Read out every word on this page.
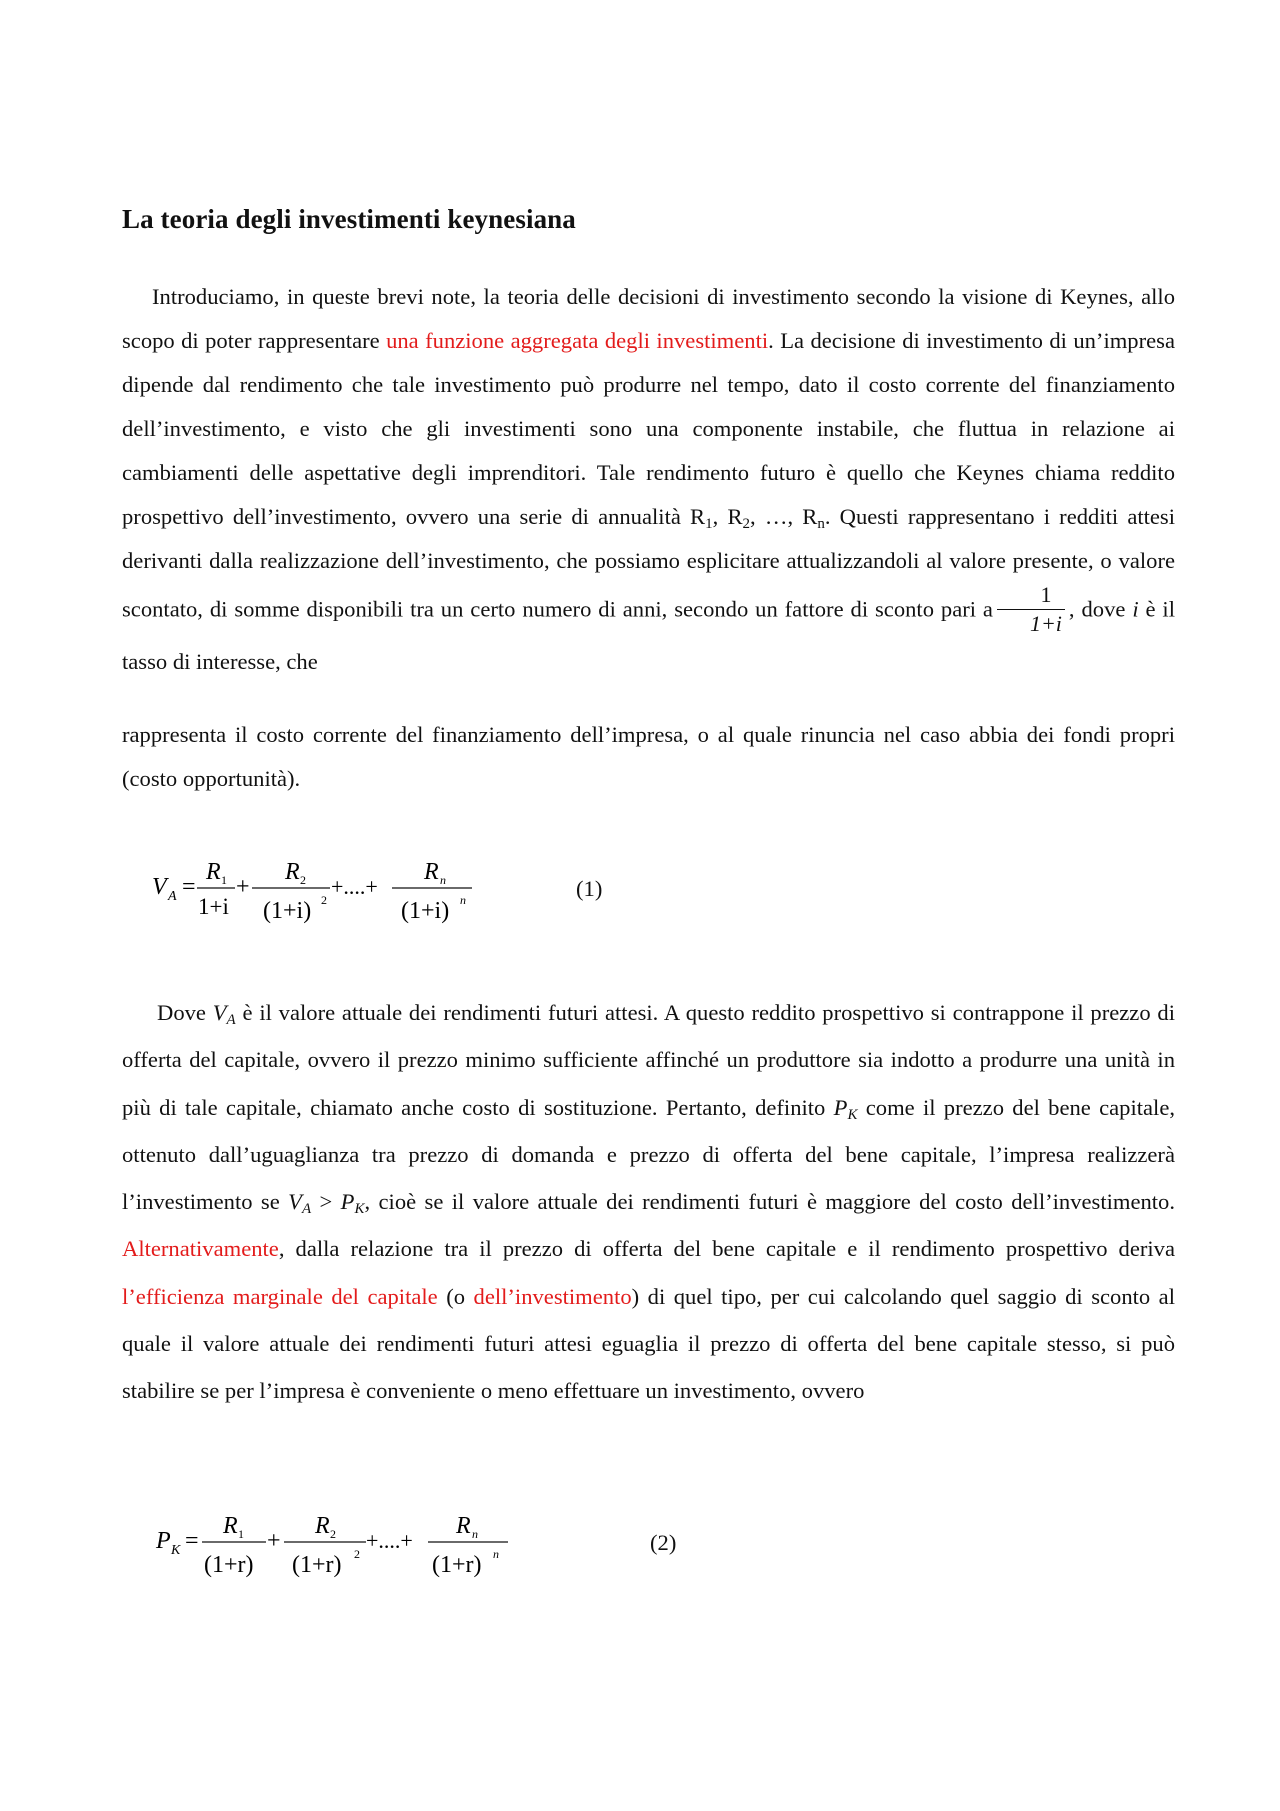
La teoria degli investimenti keynesiana

Introduciamo, in queste brevi note, la teoria delle decisioni di investimento secondo la visione di Keynes, allo scopo di poter rappresentare una funzione aggregata degli investimenti. La decisione di investimento di un’impresa dipende dal rendimento che tale investimento può produrre nel tempo, dato il costo corrente del finanziamento dell’investimento, e visto che gli investimenti sono una componente instabile, che fluttua in relazione ai cambiamenti delle aspettative degli imprenditori. Tale rendimento futuro è quello che Keynes chiama reddito prospettivo dell’investimento, ovvero una serie di annualità $R_1$, $R_2$, …, $R_n$. Questi rappresentano i redditi attesi derivanti dalla realizzazione dell’investimento, che possiamo esplicitare attualizzandoli al valore presente, o valore scontato, di somme disponibili tra un certo numero di anni, secondo un fattore di sconto pari a $\frac{1}{1+i}$ , dove i è il tasso di interesse, che

rappresenta il costo corrente del finanziamento dell’impresa, o al quale rinuncia nel caso abbia dei fondi propri (costo opportunità).

V A =
R 1
1+i
+
R 2
(1+i) 2
+....+
R n
(1+i) n	(1)

Dove $V_A$ è il valore attuale dei rendimenti futuri attesi. A questo reddito prospettivo si contrappone il prezzo di offerta del capitale, ovvero il prezzo minimo sufficiente affinché un produttore sia indotto a produrre una unità in più di tale capitale, chiamato anche costo di sostituzione. Pertanto, definito $P_K$ come il prezzo del bene capitale, ottenuto dall’uguaglianza tra prezzo di domanda e prezzo di offerta del bene capitale, l’impresa realizzerà l’investimento se $V_A > P_K$, cioè se il valore attuale dei rendimenti futuri è maggiore del costo dell’investimento. Alternativamente, dalla relazione tra il prezzo di offerta del bene capitale e il rendimento prospettivo deriva l’efficienza marginale del capitale (o dell’investimento) di quel tipo, per cui calcolando quel saggio di sconto al quale il valore attuale dei rendimenti futuri attesi eguaglia il prezzo di offerta del bene capitale stesso, si può stabilire se per l’impresa è conveniente o meno effettuare un investimento, ovvero

P K =
R 1
(1+r)
+
R 2
(1+r) 2
+....+
R n
(1+r) n	(2)
